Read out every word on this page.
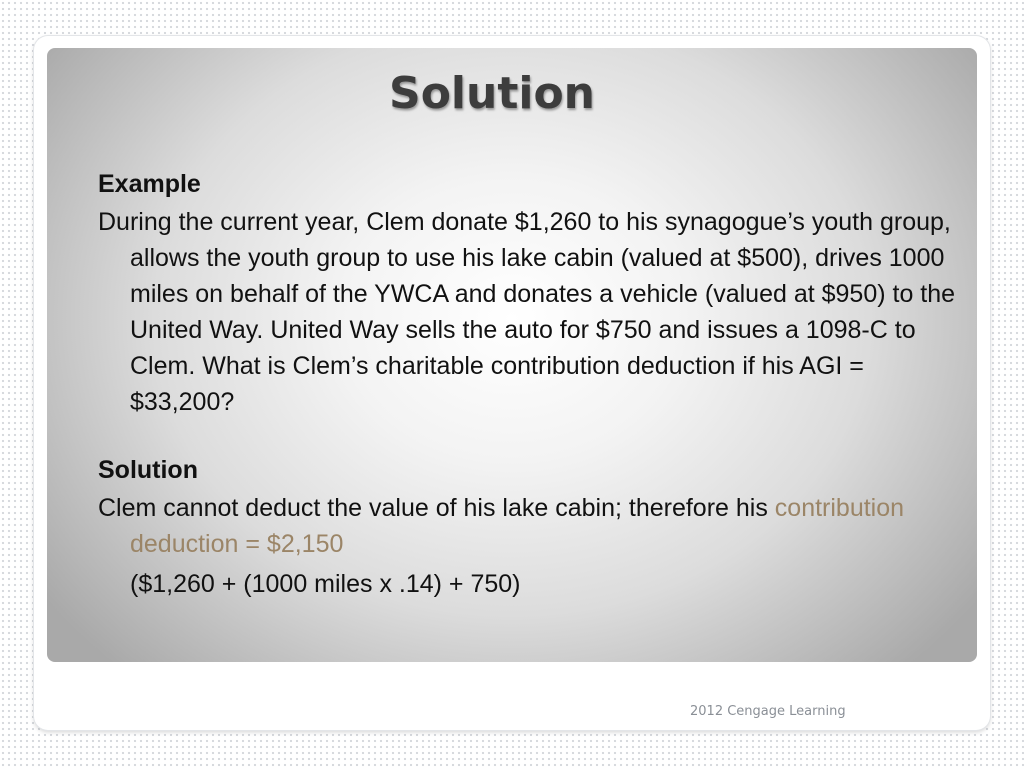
Solution

Example

During the current year, Clem donate $1,260 to his synagogue’s youth group, allows the youth group to use his lake cabin (valued at $500), drives 1000 miles on behalf of the YWCA and donates a vehicle (valued at $950) to the United Way. United Way sells the auto for $750 and issues a 1098-C to Clem. What is Clem’s charitable contribution deduction if his AGI = $33,200?

Solution

Clem cannot deduct the value of his lake cabin; therefore his contribution deduction = $2,150

($1,260 + (1000 miles x .14) + 750)

2012 Cengage Learning
